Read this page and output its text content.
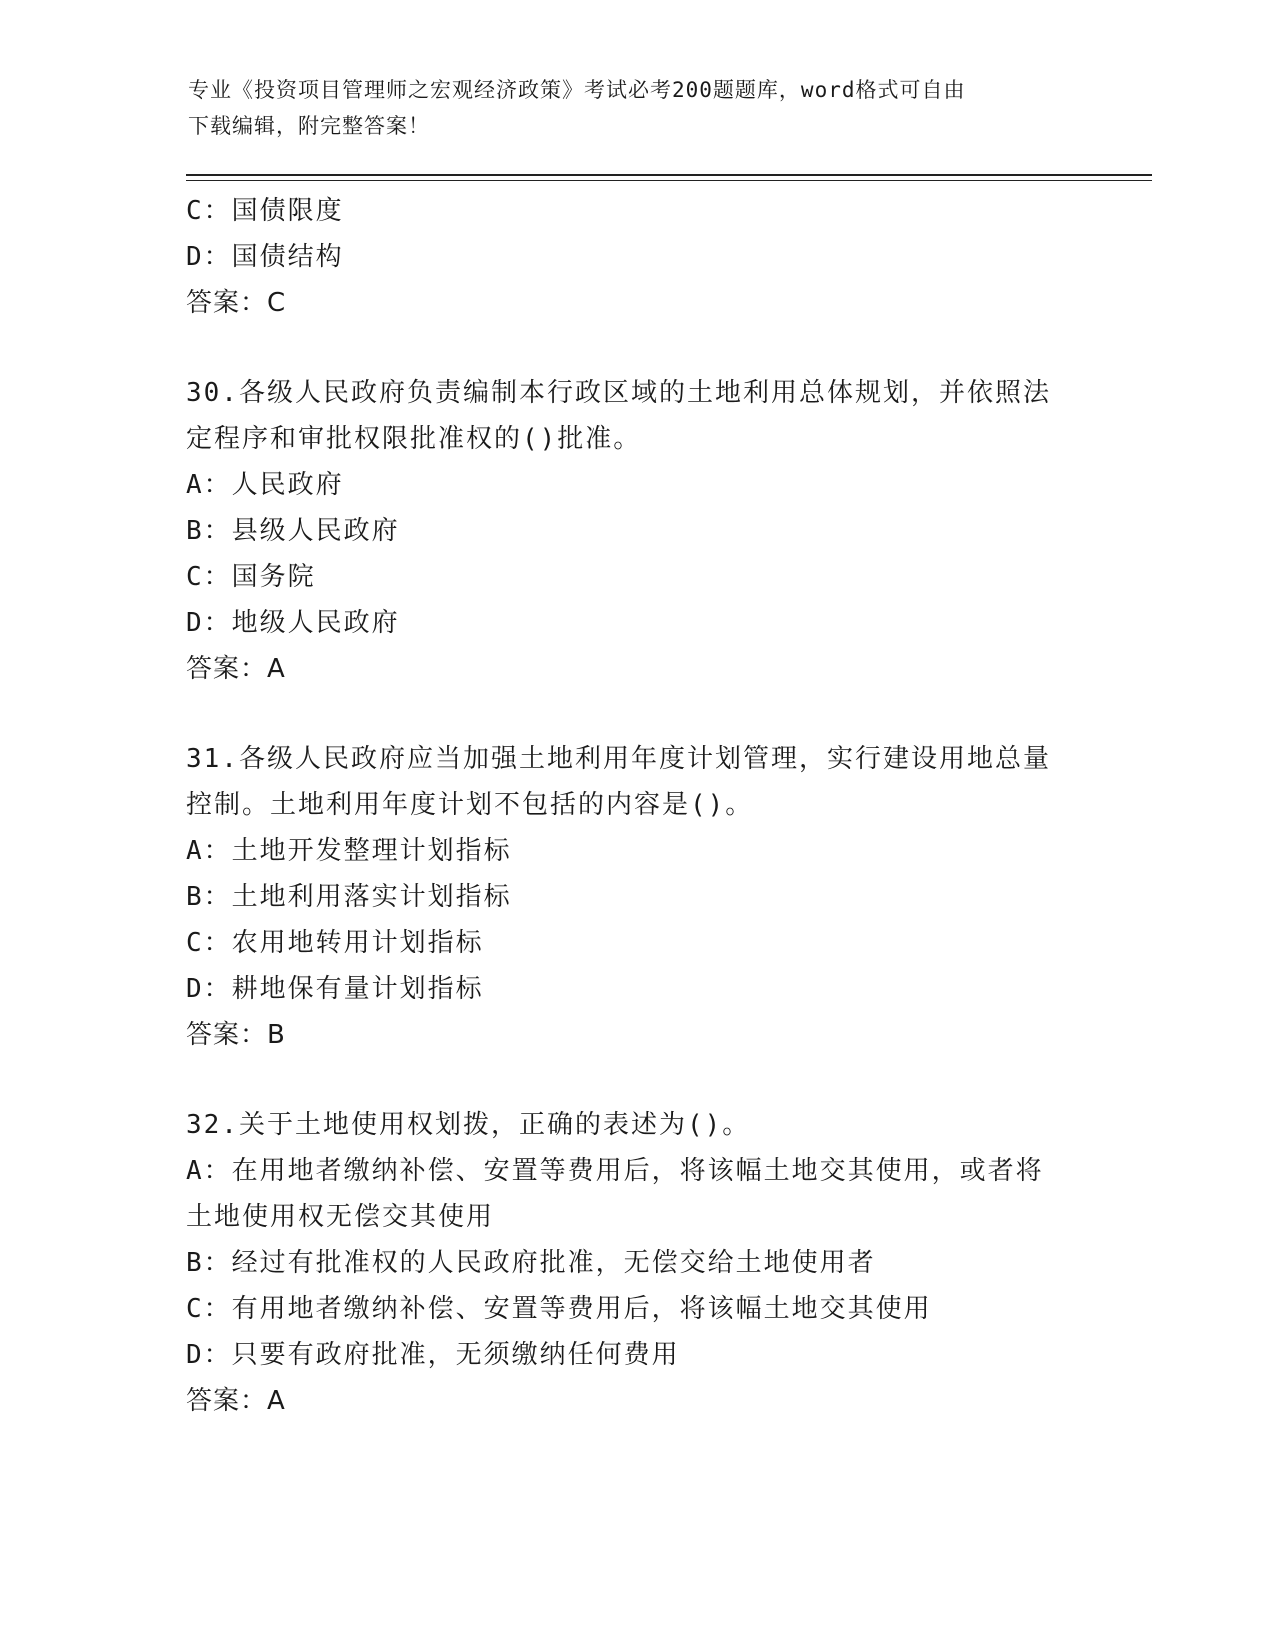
专业《投资项目管理师之宏观经济政策》考试必考200题题库，word格式可自由
下载编辑，附完整答案！
C：国债限度
D：国债结构
答案：C
30.各级人民政府负责编制本行政区域的土地利用总体规划，并依照法
定程序和审批权限批准权的()批准。
A：人民政府
B：县级人民政府
C：国务院
D：地级人民政府
答案：A
31.各级人民政府应当加强土地利用年度计划管理，实行建设用地总量
控制。土地利用年度计划不包括的内容是()。
A：土地开发整理计划指标
B：土地利用落实计划指标
C：农用地转用计划指标
D：耕地保有量计划指标
答案：B
32.关于土地使用权划拨，正确的表述为()。
A：在用地者缴纳补偿、安置等费用后，将该幅土地交其使用，或者将
土地使用权无偿交其使用
B：经过有批准权的人民政府批准，无偿交给土地使用者
C：有用地者缴纳补偿、安置等费用后，将该幅土地交其使用
D：只要有政府批准，无须缴纳任何费用
答案：A
